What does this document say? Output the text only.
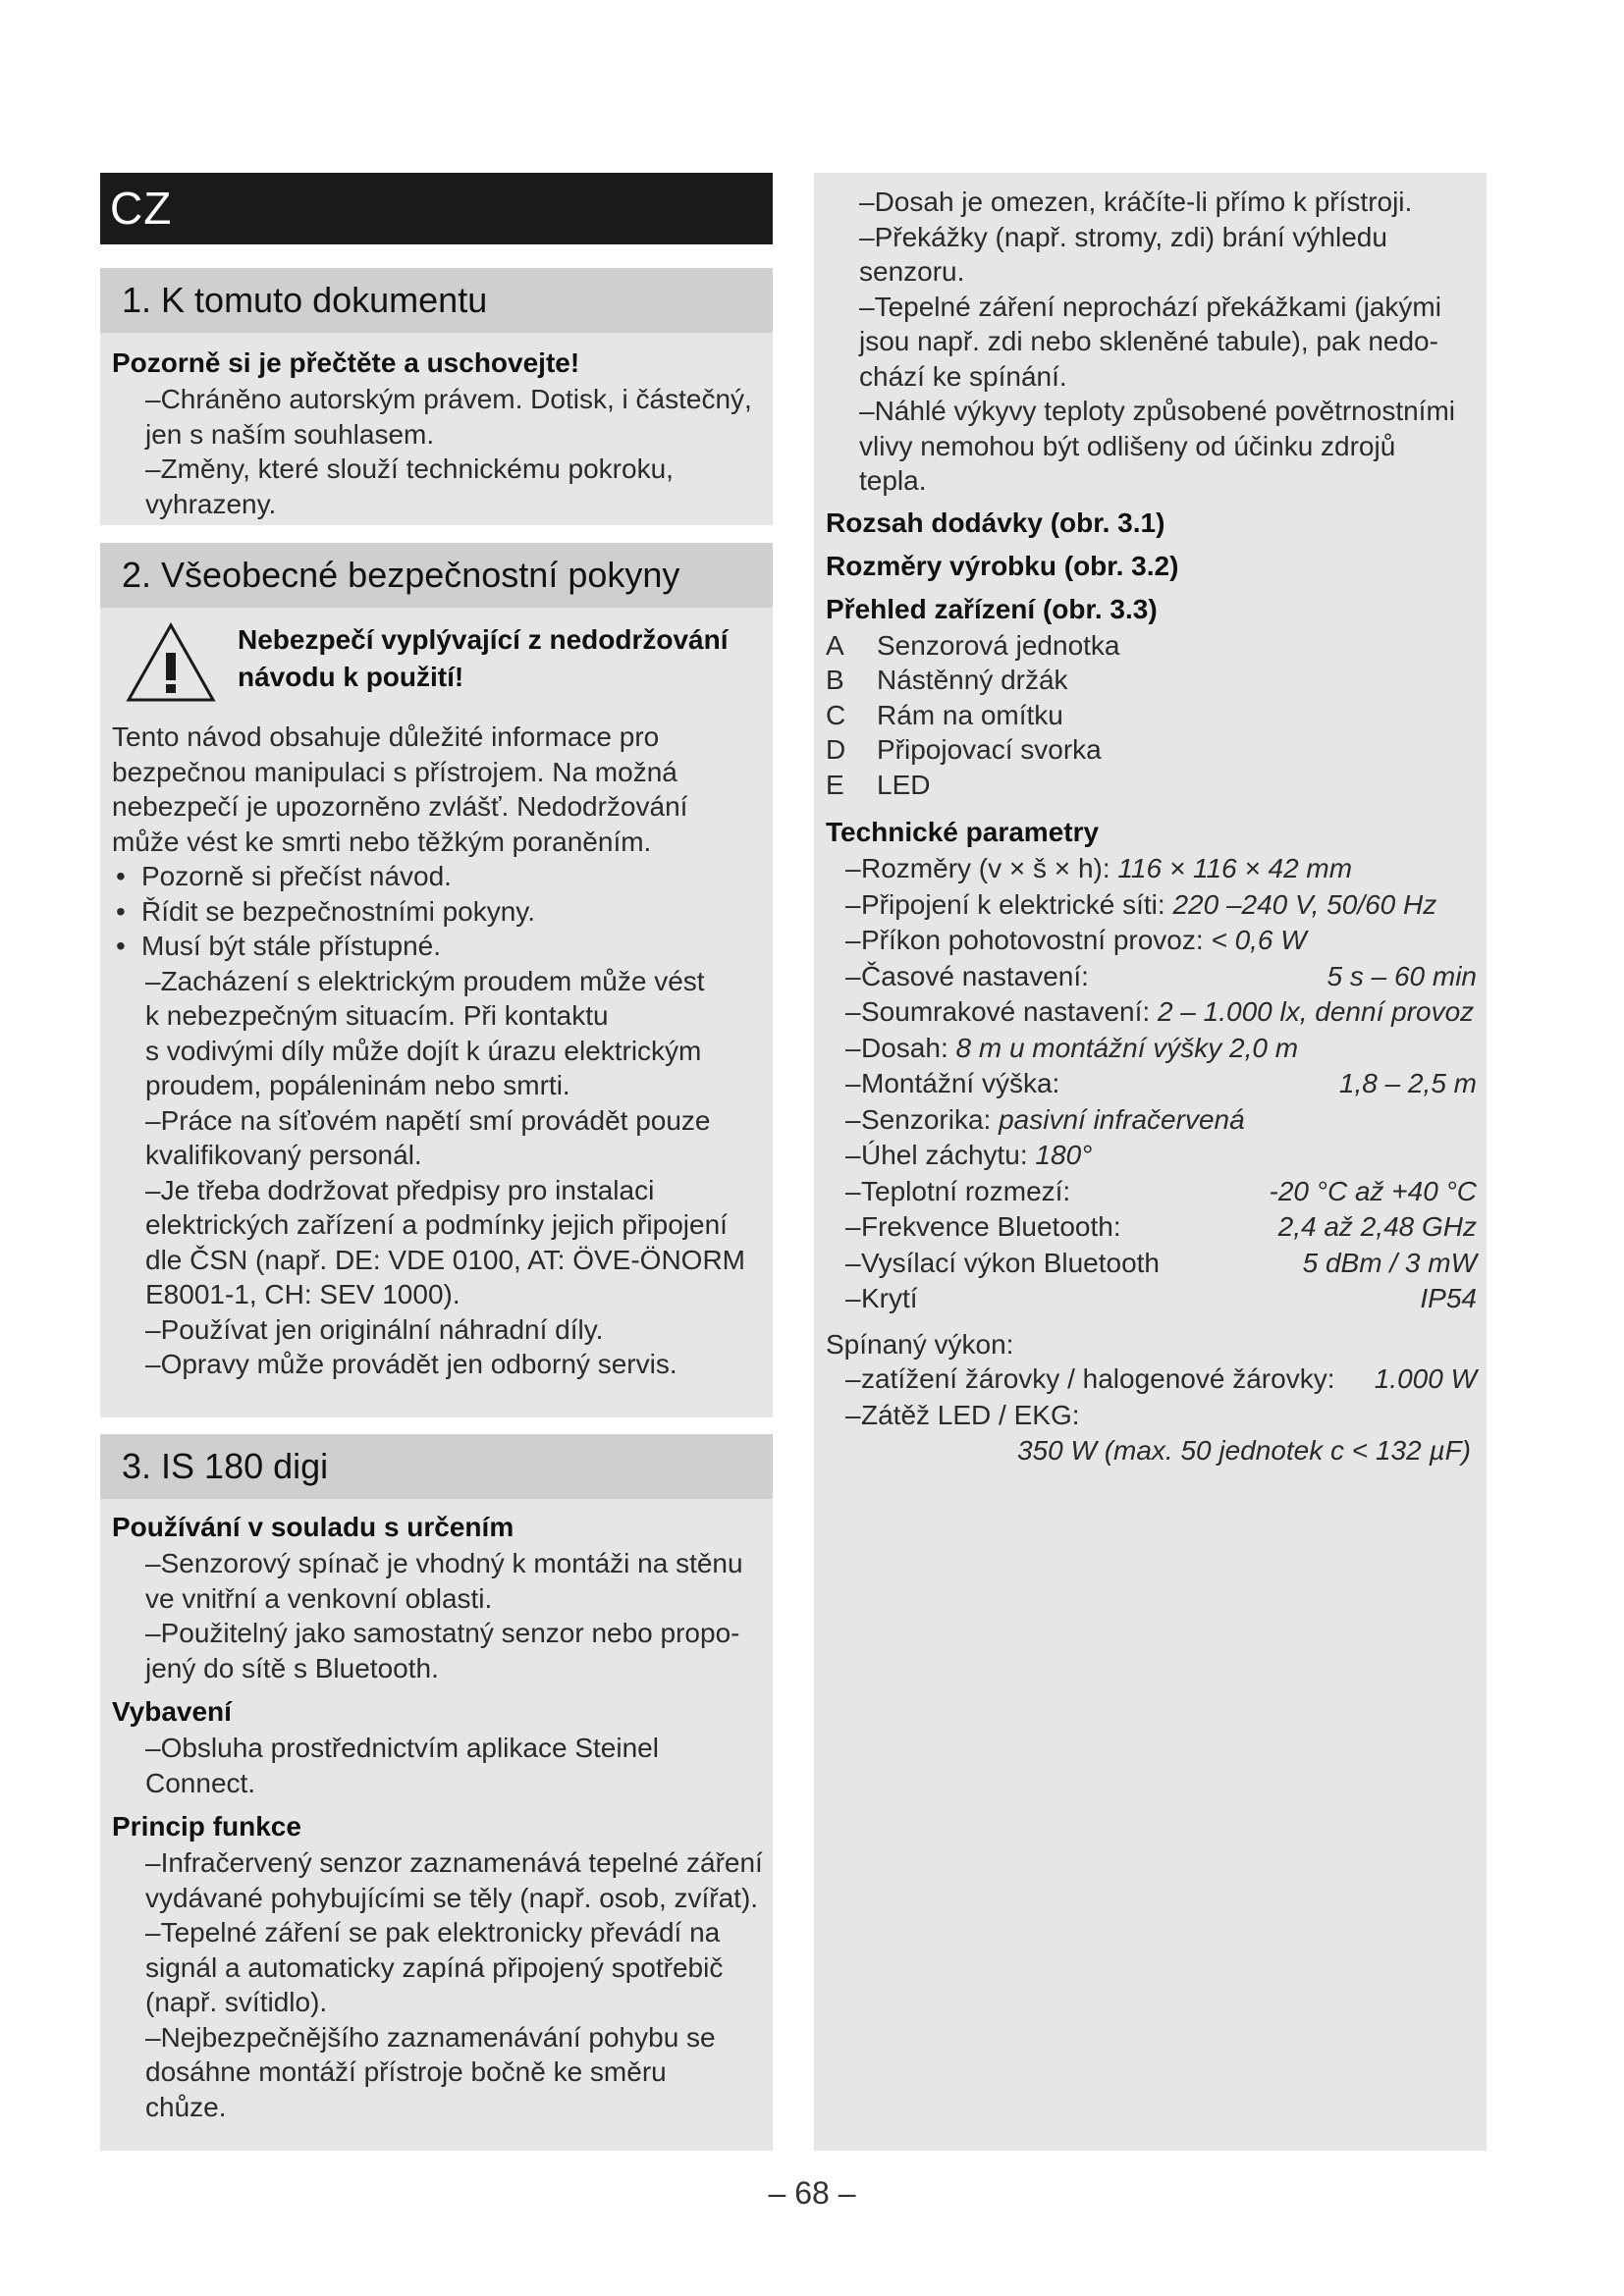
CZ
1. K tomuto dokumentu
Pozorně si je přečtěte a uschovejte!
–Chráněno autorským právem. Dotisk, i částečný,
jen s naším souhlasem.
–Změny, které slouží technickému pokroku,
vyhrazeny.
2. Všeobecné bezpečnostní pokyny
Nebezpečí vyplývající z nedodržování
návodu k použití!
Tento návod obsahuje důležité informace pro
bezpečnou manipulaci s přístrojem. Na možná
nebezpečí je upozorněno zvlášť. Nedodržování
může vést ke smrti nebo těžkým poraněním.
• Pozorně si přečíst návod.
• Řídit se bezpečnostními pokyny.
• Musí být stále přístupné.
–Zacházení s elektrickým proudem může vést
k nebezpečným situacím. Při kontaktu
s vodivými díly může dojít k úrazu elektrickým
proudem, popáleninám nebo smrti.
–Práce na síťovém napětí smí provádět pouze
kvalifikovaný personál.
–Je třeba dodržovat předpisy pro instalaci
elektrických zařízení a podmínky jejich připojení
dle ČSN (např. DE: VDE 0100, AT: ÖVE-ÖNORM
E8001-1, CH: SEV 1000).
–Používat jen originální náhradní díly.
–Opravy může provádět jen odborný servis.
3. IS 180 digi
Používání v souladu s určením
–Senzorový spínač je vhodný k montáži na stěnu
ve vnitřní a venkovní oblasti.
–Použitelný jako samostatný senzor nebo propo-
jený do sítě s Bluetooth.
Vybavení
–Obsluha prostřednictvím aplikace Steinel
Connect.
Princip funkce
–Infračervený senzor zaznamenává tepelné záření
vydávané pohybujícími se těly (např. osob, zvířat).
–Tepelné záření se pak elektronicky převádí na
signál a automaticky zapíná připojený spotřebič
(např. svítidlo).
–Nejbezpečnějšího zaznamenávání pohybu se
dosáhne montáží přístroje bočně ke směru
chůze.
–Dosah je omezen, kráčíte-li přímo k přístroji.
–Překážky (např. stromy, zdi) brání výhledu
senzoru.
–Tepelné záření neprochází překážkami (jakými
jsou např. zdi nebo skleněné tabule), pak nedo-
chází ke spínání.
–Náhlé výkyvy teploty způsobené povětrnostními
vlivy nemohou být odlišeny od účinku zdrojů
tepla.
Rozsah dodávky (obr. 3.1)
Rozměry výrobku (obr. 3.2)
Přehled zařízení (obr. 3.3)
A	Senzorová jednotka
B	Nástěnný držák
C	Rám na omítku
D	Připojovací svorka
E	LED
Technické parametry
– Rozměry (v × š × h): 116 × 116 × 42 mm
– Připojení k elektrické síti: 220 –240 V, 50/60 Hz
– Příkon pohotovostní provoz: < 0,6 W
– Časové nastavení:	5 s – 60 min
– Soumrakové nastavení: 2 – 1.000 lx, denní provoz
– Dosah: 8 m u montážní výšky 2,0 m
– Montážní výška:	1,8 – 2,5 m
– Senzorika: pasivní infračervená
– Úhel záchytu: 180°
– Teplotní rozmezí:	-20 °C až +40 °C
– Frekvence Bluetooth:	2,4 až 2,48 GHz
– Vysílací výkon Bluetooth	5 dBm / 3 mW
– Krytí	IP54
Spínaný výkon:
– zatížení žárovky / halogenové žárovky: 1.000 W
– Zátěž LED / EKG:
350 W (max. 50 jednotek c < 132 µF)
– 68 –
